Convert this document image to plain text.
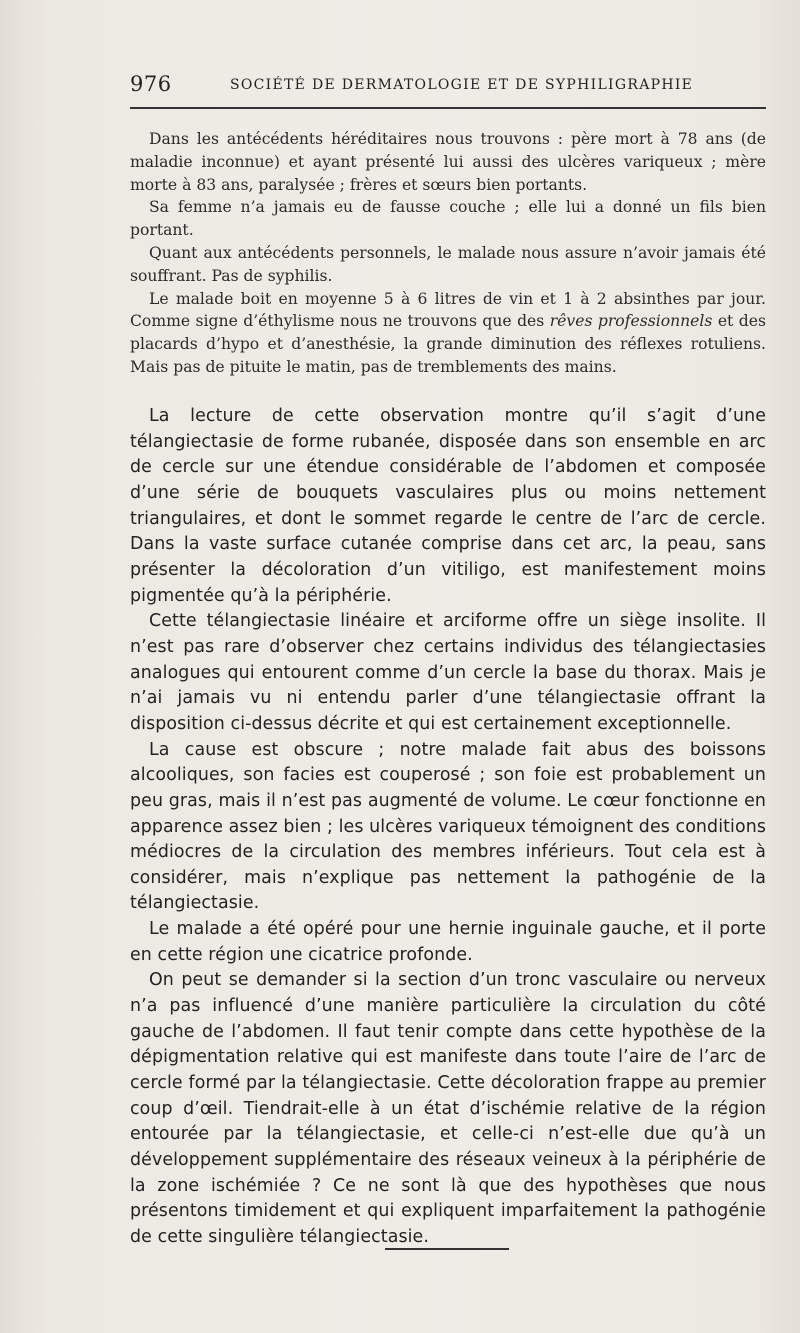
976	SOCIÉTÉ DE DERMATOLOGIE ET DE SYPHILIGRAPHIE

Dans les antécédents héréditaires nous trouvons : père mort à 78 ans (de maladie inconnue) et ayant présenté lui aussi des ulcères variqueux ; mère morte à 83 ans, paralysée ; frères et sœurs bien portants.

Sa femme n’a jamais eu de fausse couche ; elle lui a donné un fils bien portant.

Quant aux antécédents personnels, le malade nous assure n’avoir jamais été souffrant. Pas de syphilis.

Le malade boit en moyenne 5 à 6 litres de vin et 1 à 2 absinthes par jour. Comme signe d’éthylisme nous ne trouvons que des rêves professionnels et des placards d’hypo et d’anesthésie, la grande diminution des réflexes rotuliens. Mais pas de pituite le matin, pas de tremblements des mains.

La lecture de cette observation montre qu’il s’agit d’une télangiectasie de forme rubanée, disposée dans son ensemble en arc de cercle sur une étendue considérable de l’abdomen et composée d’une série de bouquets vasculaires plus ou moins nettement triangulaires, et dont le sommet regarde le centre de l’arc de cercle. Dans la vaste surface cutanée comprise dans cet arc, la peau, sans présenter la décoloration d’un vitiligo, est manifestement moins pigmentée qu’à la périphérie.

Cette télangiectasie linéaire et arciforme offre un siège insolite. Il n’est pas rare d’observer chez certains individus des télangiectasies analogues qui entourent comme d’un cercle la base du thorax. Mais je n’ai jamais vu ni entendu parler d’une télangiectasie offrant la disposition ci-dessus décrite et qui est certainement exceptionnelle.

La cause est obscure ; notre malade fait abus des boissons alcooliques, son facies est couperosé ; son foie est probablement un peu gras, mais il n’est pas augmenté de volume. Le cœur fonctionne en apparence assez bien ; les ulcères variqueux témoignent des conditions médiocres de la circulation des membres inférieurs. Tout cela est à considérer, mais n’explique pas nettement la pathogénie de la télangiectasie.

Le malade a été opéré pour une hernie inguinale gauche, et il porte en cette région une cicatrice profonde.

On peut se demander si la section d’un tronc vasculaire ou nerveux n’a pas influencé d’une manière particulière la circulation du côté gauche de l’abdomen. Il faut tenir compte dans cette hypothèse de la dépigmentation relative qui est manifeste dans toute l’aire de l’arc de cercle formé par la télangiectasie. Cette décoloration frappe au premier coup d’œil. Tiendrait-elle à un état d’ischémie relative de la région entourée par la télangiectasie, et celle-ci n’est-elle due qu’à un développement supplémentaire des réseaux veineux à la périphérie de la zone ischémiée ? Ce ne sont là que des hypothèses que nous présentons timidement et qui expliquent imparfaitement la pathogénie de cette singulière télangiectasie.
